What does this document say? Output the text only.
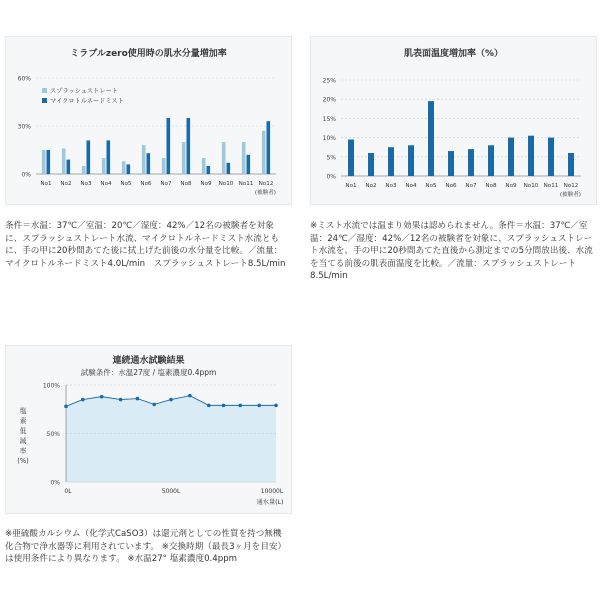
ミラブルzero使用時の肌水分量増加率
0%
30%
60%
No1 No2 No3 No4 No5 No6 No7 No8 No9 No10 No11 No12
(被験者)
スプラッシュストレート
マイクロトルネードミスト
条件＝水温：37℃／室温：20℃／湿度：42%／12名の被験者を対象に、スプラッシュストレート水流、マイクロトルネードミスト水流ともに、手の甲に20秒間あてた後に拭上げた前後の水分量を比較。／流量：マイクロトルネードミスト4.0L/min　スプラッシュストレート8.5L/min
肌表面温度増加率（%）
0%
5%
10%
15%
20%
25%
No1 No2 No3 No4 No5 No6 No7 No8 No9 No10 No11 No12
(被験者)
※ミスト水流では温まり効果は認められません。条件＝水温：37℃／室温：24℃／湿度：42%／12名の被験者を対象に、スプラッシュストレート水流を、手の甲に20秒間あてた直後から測定までの5分間放出後、水流を当てる前後の肌表面温度を比較。／流量：スプラッシュストレート8.5L/min
連続通水試験結果
試験条件：水温27度 / 塩素濃度0.4ppm
0%
50%
100%
0L	5000L	10000L
通水量(L)
塩
素
低
減
率
(%)
※亜硫酸カルシウム（化学式CaSO3）は還元剤としての性質を持つ無機化合物で浄水器等に利用されています。 ※交換時期（最長3ヶ月を目安）は使用条件により異なります。 ※水温27° 塩素濃度0.4ppm
